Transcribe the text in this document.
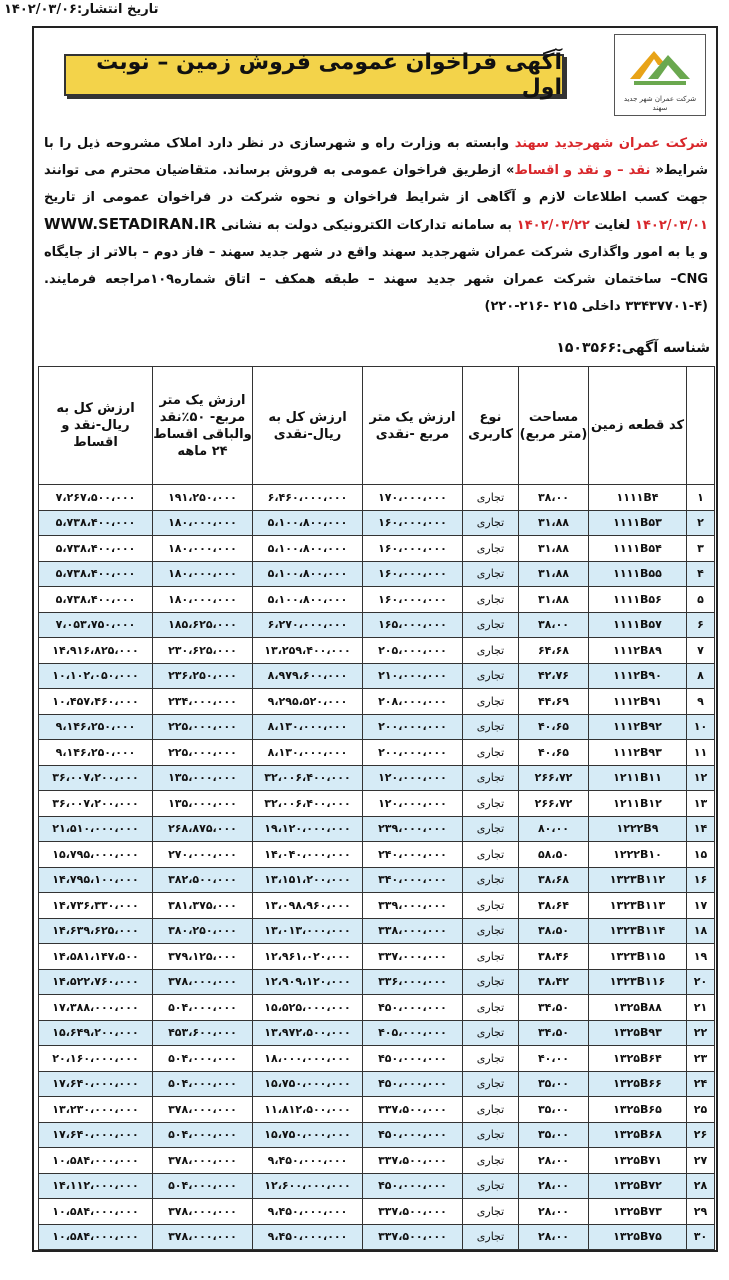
تاریخ انتشار:۱۴۰۲/۰۳/۰۶
شرکت عمران شهر جدید سهند
آگهی فراخوان عمومی فروش زمین – نوبت اول
شرکت عمران شهرجدید سهند وابسته به وزارت راه و شهرسازی در نظر دارد املاک مشروحه ذیل را با شرایط« نقد – و نقد و اقساط» ازطریق فراخوان عمومی به فروش برساند. متقاضیان محترم می توانند جهت کسب اطلاعات لازم و آگاهی از شرایط فراخوان و نحوه شرکت در فراخوان عمومی از تاریخ ۱۴۰۲/۰۳/۰۱ لغایت ۱۴۰۲/۰۳/۲۲ به سامانه تدارکات الکترونیکی دولت به نشانی WWW.SETADIRAN.IR و یا به امور واگذاری شرکت عمران شهرجدید سهند واقع در شهر جدید سهند – فاز دوم – بالاتر از جایگاه CNG– ساختمان شرکت عمران شهر جدید سهند – طبقه همکف – اتاق شماره۱۰۹مراجعه فرمایند. (۴-۳۳۴۳۷۷۰۱ داخلی ۲۱۵ -۲۱۶-۲۲۰)
شناسه آگهی:۱۵۰۳۵۶۶
	کد قطعه زمین	مساحت (متر مربع)	نوع کاربری	ارزش یک متر مربع -نقدی	ارزش کل به ریال-نقدی	ارزش یک متر مربع- ۵۰٪نقد والباقی اقساط ۲۴ ماهه	ارزش کل به ریال-نقد و اقساط
۱	۱۱۱۱B۴	۳۸،۰۰	تجاری	۱۷۰،۰۰۰،۰۰۰	۶،۴۶۰،۰۰۰،۰۰۰	۱۹۱،۲۵۰،۰۰۰	۷،۲۶۷،۵۰۰،۰۰۰
۲	۱۱۱۱B۵۳	۳۱،۸۸	تجاری	۱۶۰،۰۰۰،۰۰۰	۵،۱۰۰،۸۰۰،۰۰۰	۱۸۰،۰۰۰،۰۰۰	۵،۷۳۸،۴۰۰،۰۰۰
۳	۱۱۱۱B۵۴	۳۱،۸۸	تجاری	۱۶۰،۰۰۰،۰۰۰	۵،۱۰۰،۸۰۰،۰۰۰	۱۸۰،۰۰۰،۰۰۰	۵،۷۳۸،۴۰۰،۰۰۰
۴	۱۱۱۱B۵۵	۳۱،۸۸	تجاری	۱۶۰،۰۰۰،۰۰۰	۵،۱۰۰،۸۰۰،۰۰۰	۱۸۰،۰۰۰،۰۰۰	۵،۷۳۸،۴۰۰،۰۰۰
۵	۱۱۱۱B۵۶	۳۱،۸۸	تجاری	۱۶۰،۰۰۰،۰۰۰	۵،۱۰۰،۸۰۰،۰۰۰	۱۸۰،۰۰۰،۰۰۰	۵،۷۳۸،۴۰۰،۰۰۰
۶	۱۱۱۱B۵۷	۳۸،۰۰	تجاری	۱۶۵،۰۰۰،۰۰۰	۶،۲۷۰،۰۰۰،۰۰۰	۱۸۵،۶۲۵،۰۰۰	۷،۰۵۳،۷۵۰،۰۰۰
۷	۱۱۱۲B۸۹	۶۴،۶۸	تجاری	۲۰۵،۰۰۰،۰۰۰	۱۳،۲۵۹،۴۰۰،۰۰۰	۲۳۰،۶۲۵،۰۰۰	۱۴،۹۱۶،۸۲۵،۰۰۰
۸	۱۱۱۲B۹۰	۴۲،۷۶	تجاری	۲۱۰،۰۰۰،۰۰۰	۸،۹۷۹،۶۰۰،۰۰۰	۲۳۶،۲۵۰،۰۰۰	۱۰،۱۰۲،۰۵۰،۰۰۰
۹	۱۱۱۲B۹۱	۴۴،۶۹	تجاری	۲۰۸،۰۰۰،۰۰۰	۹،۲۹۵،۵۲۰،۰۰۰	۲۳۴،۰۰۰،۰۰۰	۱۰،۴۵۷،۴۶۰،۰۰۰
۱۰	۱۱۱۲B۹۲	۴۰،۶۵	تجاری	۲۰۰،۰۰۰،۰۰۰	۸،۱۳۰،۰۰۰،۰۰۰	۲۲۵،۰۰۰،۰۰۰	۹،۱۴۶،۲۵۰،۰۰۰
۱۱	۱۱۱۲B۹۳	۴۰،۶۵	تجاری	۲۰۰،۰۰۰،۰۰۰	۸،۱۳۰،۰۰۰،۰۰۰	۲۲۵،۰۰۰،۰۰۰	۹،۱۴۶،۲۵۰،۰۰۰
۱۲	۱۲۱۱B۱۱	۲۶۶،۷۲	تجاری	۱۲۰،۰۰۰،۰۰۰	۳۲،۰۰۶،۴۰۰،۰۰۰	۱۳۵،۰۰۰،۰۰۰	۳۶،۰۰۷،۲۰۰،۰۰۰
۱۳	۱۲۱۱B۱۲	۲۶۶،۷۲	تجاری	۱۲۰،۰۰۰،۰۰۰	۳۲،۰۰۶،۴۰۰،۰۰۰	۱۳۵،۰۰۰،۰۰۰	۳۶،۰۰۷،۲۰۰،۰۰۰
۱۴	۱۲۲۲B۹	۸۰،۰۰	تجاری	۲۳۹،۰۰۰،۰۰۰	۱۹،۱۲۰،۰۰۰،۰۰۰	۲۶۸،۸۷۵،۰۰۰	۲۱،۵۱۰،۰۰۰،۰۰۰
۱۵	۱۲۲۲B۱۰	۵۸،۵۰	تجاری	۲۴۰،۰۰۰،۰۰۰	۱۴،۰۴۰،۰۰۰،۰۰۰	۲۷۰،۰۰۰،۰۰۰	۱۵،۷۹۵،۰۰۰،۰۰۰
۱۶	۱۳۲۳B۱۱۲	۳۸،۶۸	تجاری	۳۴۰،۰۰۰،۰۰۰	۱۳،۱۵۱،۲۰۰،۰۰۰	۳۸۲،۵۰۰،۰۰۰	۱۴،۷۹۵،۱۰۰،۰۰۰
۱۷	۱۳۲۳B۱۱۳	۳۸،۶۴	تجاری	۳۳۹،۰۰۰،۰۰۰	۱۳،۰۹۸،۹۶۰،۰۰۰	۳۸۱،۳۷۵،۰۰۰	۱۴،۷۳۶،۳۳۰،۰۰۰
۱۸	۱۳۲۳B۱۱۴	۳۸،۵۰	تجاری	۳۳۸،۰۰۰،۰۰۰	۱۳،۰۱۳،۰۰۰،۰۰۰	۳۸۰،۲۵۰،۰۰۰	۱۴،۶۳۹،۶۲۵،۰۰۰
۱۹	۱۳۲۳B۱۱۵	۳۸،۴۶	تجاری	۳۳۷،۰۰۰،۰۰۰	۱۲،۹۶۱،۰۲۰،۰۰۰	۳۷۹،۱۲۵،۰۰۰	۱۴،۵۸۱،۱۴۷،۵۰۰
۲۰	۱۳۲۳B۱۱۶	۳۸،۴۲	تجاری	۳۳۶،۰۰۰،۰۰۰	۱۲،۹۰۹،۱۲۰،۰۰۰	۳۷۸،۰۰۰،۰۰۰	۱۴،۵۲۲،۷۶۰،۰۰۰
۲۱	۱۳۲۵B۸۸	۳۴،۵۰	تجاری	۴۵۰،۰۰۰،۰۰۰	۱۵،۵۲۵،۰۰۰،۰۰۰	۵۰۴،۰۰۰،۰۰۰	۱۷،۳۸۸،۰۰۰،۰۰۰
۲۲	۱۳۲۵B۹۳	۳۴،۵۰	تجاری	۴۰۵،۰۰۰،۰۰۰	۱۳،۹۷۲،۵۰۰،۰۰۰	۴۵۳،۶۰۰،۰۰۰	۱۵،۶۴۹،۲۰۰،۰۰۰
۲۳	۱۳۲۵B۶۴	۴۰،۰۰	تجاری	۴۵۰،۰۰۰،۰۰۰	۱۸،۰۰۰،۰۰۰،۰۰۰	۵۰۴،۰۰۰،۰۰۰	۲۰،۱۶۰،۰۰۰،۰۰۰
۲۴	۱۳۲۵B۶۶	۳۵،۰۰	تجاری	۴۵۰،۰۰۰،۰۰۰	۱۵،۷۵۰،۰۰۰،۰۰۰	۵۰۴،۰۰۰،۰۰۰	۱۷،۶۴۰،۰۰۰،۰۰۰
۲۵	۱۳۲۵B۶۵	۳۵،۰۰	تجاری	۳۳۷،۵۰۰،۰۰۰	۱۱،۸۱۲،۵۰۰،۰۰۰	۳۷۸،۰۰۰،۰۰۰	۱۳،۲۳۰،۰۰۰،۰۰۰
۲۶	۱۳۲۵B۶۸	۳۵،۰۰	تجاری	۴۵۰،۰۰۰،۰۰۰	۱۵،۷۵۰،۰۰۰،۰۰۰	۵۰۴،۰۰۰،۰۰۰	۱۷،۶۴۰،۰۰۰،۰۰۰
۲۷	۱۳۲۵B۷۱	۲۸،۰۰	تجاری	۳۳۷،۵۰۰،۰۰۰	۹،۴۵۰،۰۰۰،۰۰۰	۳۷۸،۰۰۰،۰۰۰	۱۰،۵۸۴،۰۰۰،۰۰۰
۲۸	۱۳۲۵B۷۲	۲۸،۰۰	تجاری	۴۵۰،۰۰۰،۰۰۰	۱۲،۶۰۰،۰۰۰،۰۰۰	۵۰۴،۰۰۰،۰۰۰	۱۴،۱۱۲،۰۰۰،۰۰۰
۲۹	۱۳۲۵B۷۳	۲۸،۰۰	تجاری	۳۳۷،۵۰۰،۰۰۰	۹،۴۵۰،۰۰۰،۰۰۰	۳۷۸،۰۰۰،۰۰۰	۱۰،۵۸۴،۰۰۰،۰۰۰
۳۰	۱۳۲۵B۷۵	۲۸،۰۰	تجاری	۳۳۷،۵۰۰،۰۰۰	۹،۴۵۰،۰۰۰،۰۰۰	۳۷۸،۰۰۰،۰۰۰	۱۰،۵۸۴،۰۰۰،۰۰۰
